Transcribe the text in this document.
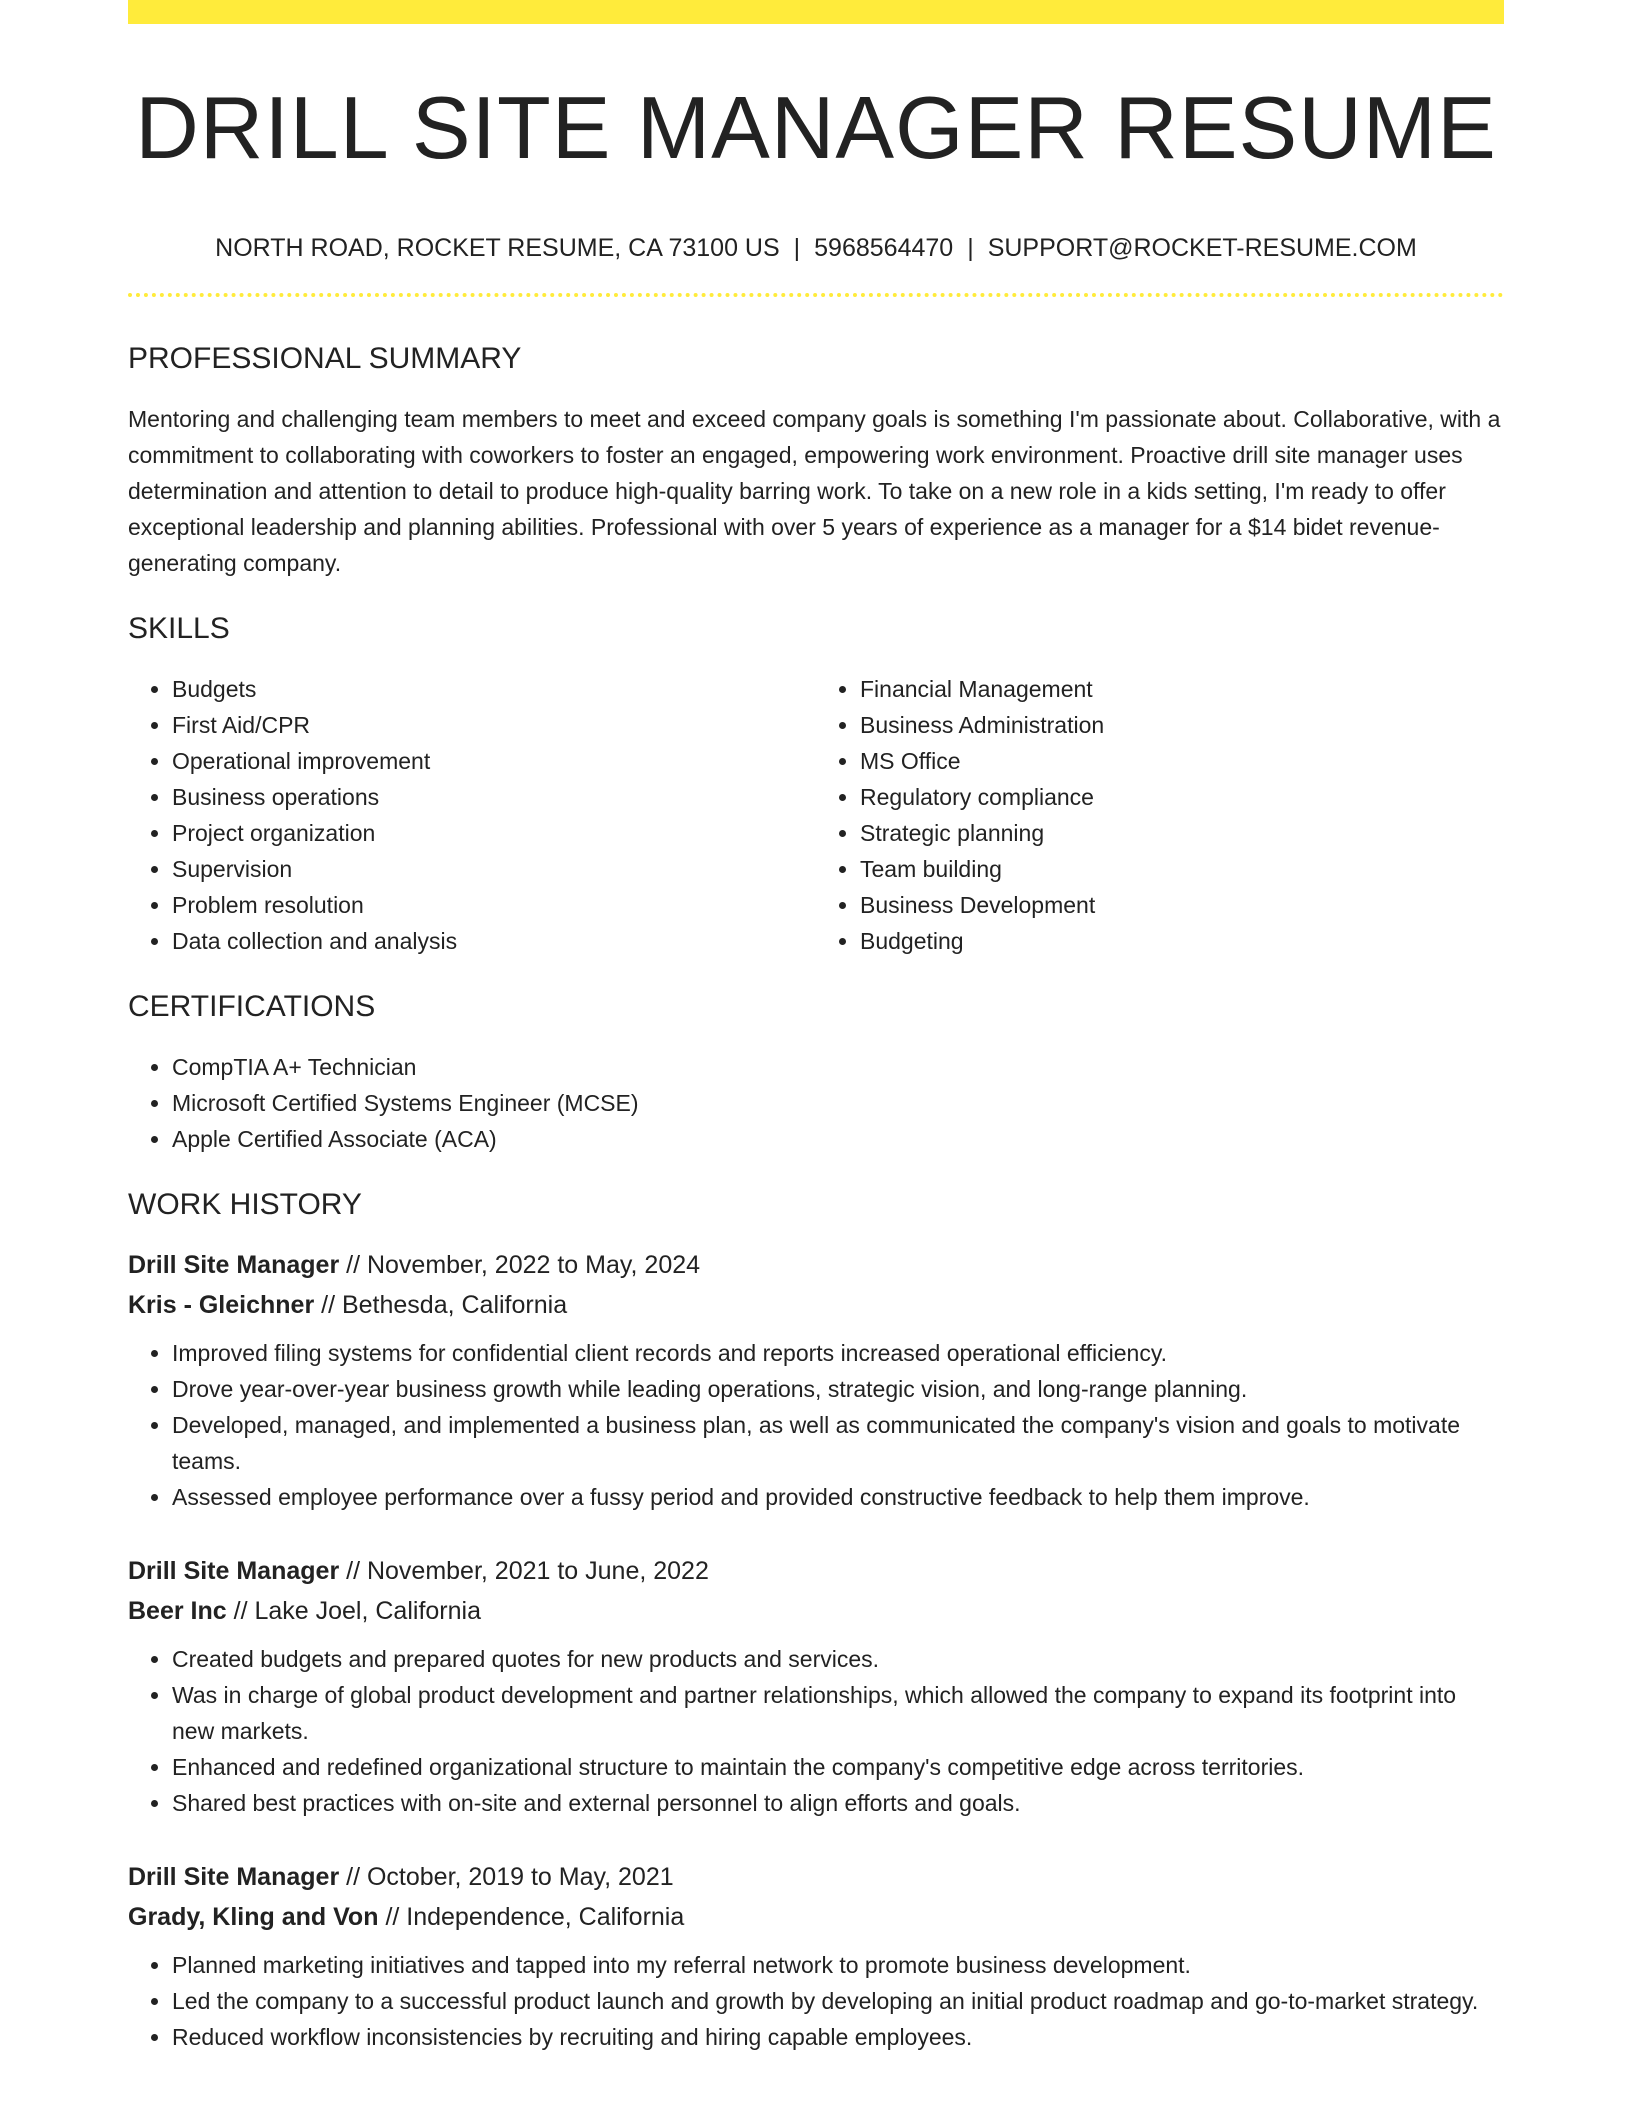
DRILL SITE MANAGER RESUME
NORTH ROAD, ROCKET RESUME, CA 73100 US | 5968564470 | SUPPORT@ROCKET-RESUME.COM
PROFESSIONAL SUMMARY

Mentoring and challenging team members to meet and exceed company goals is something I'm passionate about. Collaborative, with a commitment to collaborating with coworkers to foster an engaged, empowering work environment. Proactive drill site manager uses determination and attention to detail to produce high-quality barring work. To take on a new role in a kids setting, I'm ready to offer exceptional leadership and planning abilities. Professional with over 5 years of experience as a manager for a $14 bidet revenue-generating company.

SKILLS
• Budgets
• First Aid/CPR
• Operational improvement
• Business operations
• Project organization
• Supervision
• Problem resolution
• Data collection and analysis
• Financial Management
• Business Administration
• MS Office
• Regulatory compliance
• Strategic planning
• Team building
• Business Development
• Budgeting
CERTIFICATIONS
• CompTIA A+ Technician
• Microsoft Certified Systems Engineer (MCSE)
• Apple Certified Associate (ACA)
WORK HISTORY
Drill Site Manager // November, 2022 to May, 2024
Kris - Gleichner // Bethesda, California
• Improved filing systems for confidential client records and reports increased operational efficiency.
• Drove year-over-year business growth while leading operations, strategic vision, and long-range planning.
• Developed, managed, and implemented a business plan, as well as communicated the company's vision and goals to motivate teams.
• Assessed employee performance over a fussy period and provided constructive feedback to help them improve.
Drill Site Manager // November, 2021 to June, 2022
Beer Inc // Lake Joel, California
• Created budgets and prepared quotes for new products and services.
• Was in charge of global product development and partner relationships, which allowed the company to expand its footprint into new markets.
• Enhanced and redefined organizational structure to maintain the company's competitive edge across territories.
• Shared best practices with on-site and external personnel to align efforts and goals.
Drill Site Manager // October, 2019 to May, 2021
Grady, Kling and Von // Independence, California
• Planned marketing initiatives and tapped into my referral network to promote business development.
• Led the company to a successful product launch and growth by developing an initial product roadmap and go-to-market strategy.
• Reduced workflow inconsistencies by recruiting and hiring capable employees.
